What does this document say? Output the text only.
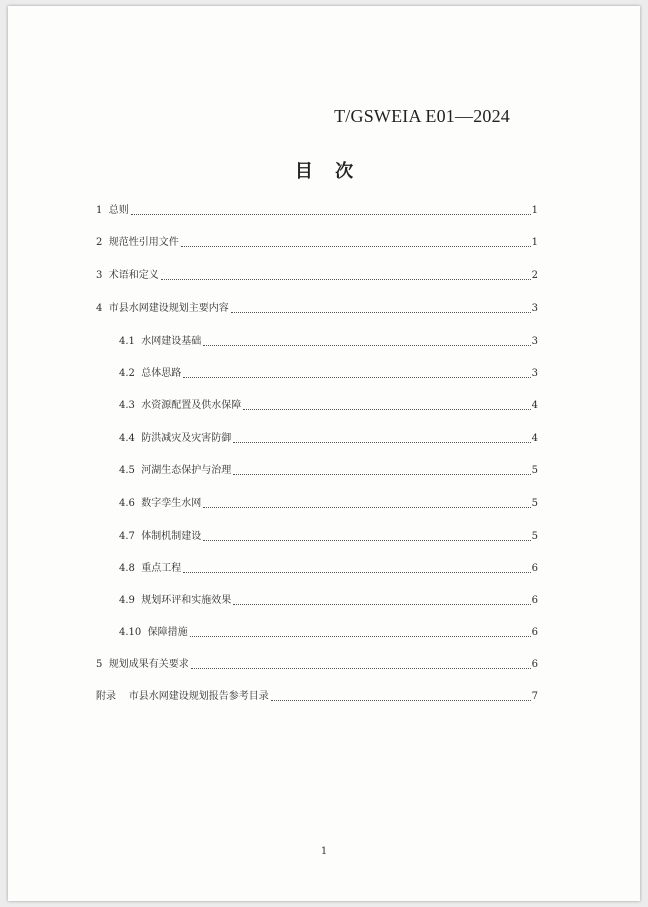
T/GSWEIA E01—2024
目 次
1 总则	1
2 规范性引用文件	1
3 术语和定义	2
4 市县水网建设规划主要内容	3
4.1 水网建设基础	3
4.2 总体思路	3
4.3 水资源配置及供水保障	4
4.4 防洪减灾及灾害防御	4
4.5 河湖生态保护与治理	5
4.6 数字孪生水网	5
4.7 体制机制建设	5
4.8 重点工程	6
4.9 规划环评和实施效果	6
4.10 保障措施	6
5 规划成果有关要求	6
附录 市县水网建设规划报告参考目录	7
1
